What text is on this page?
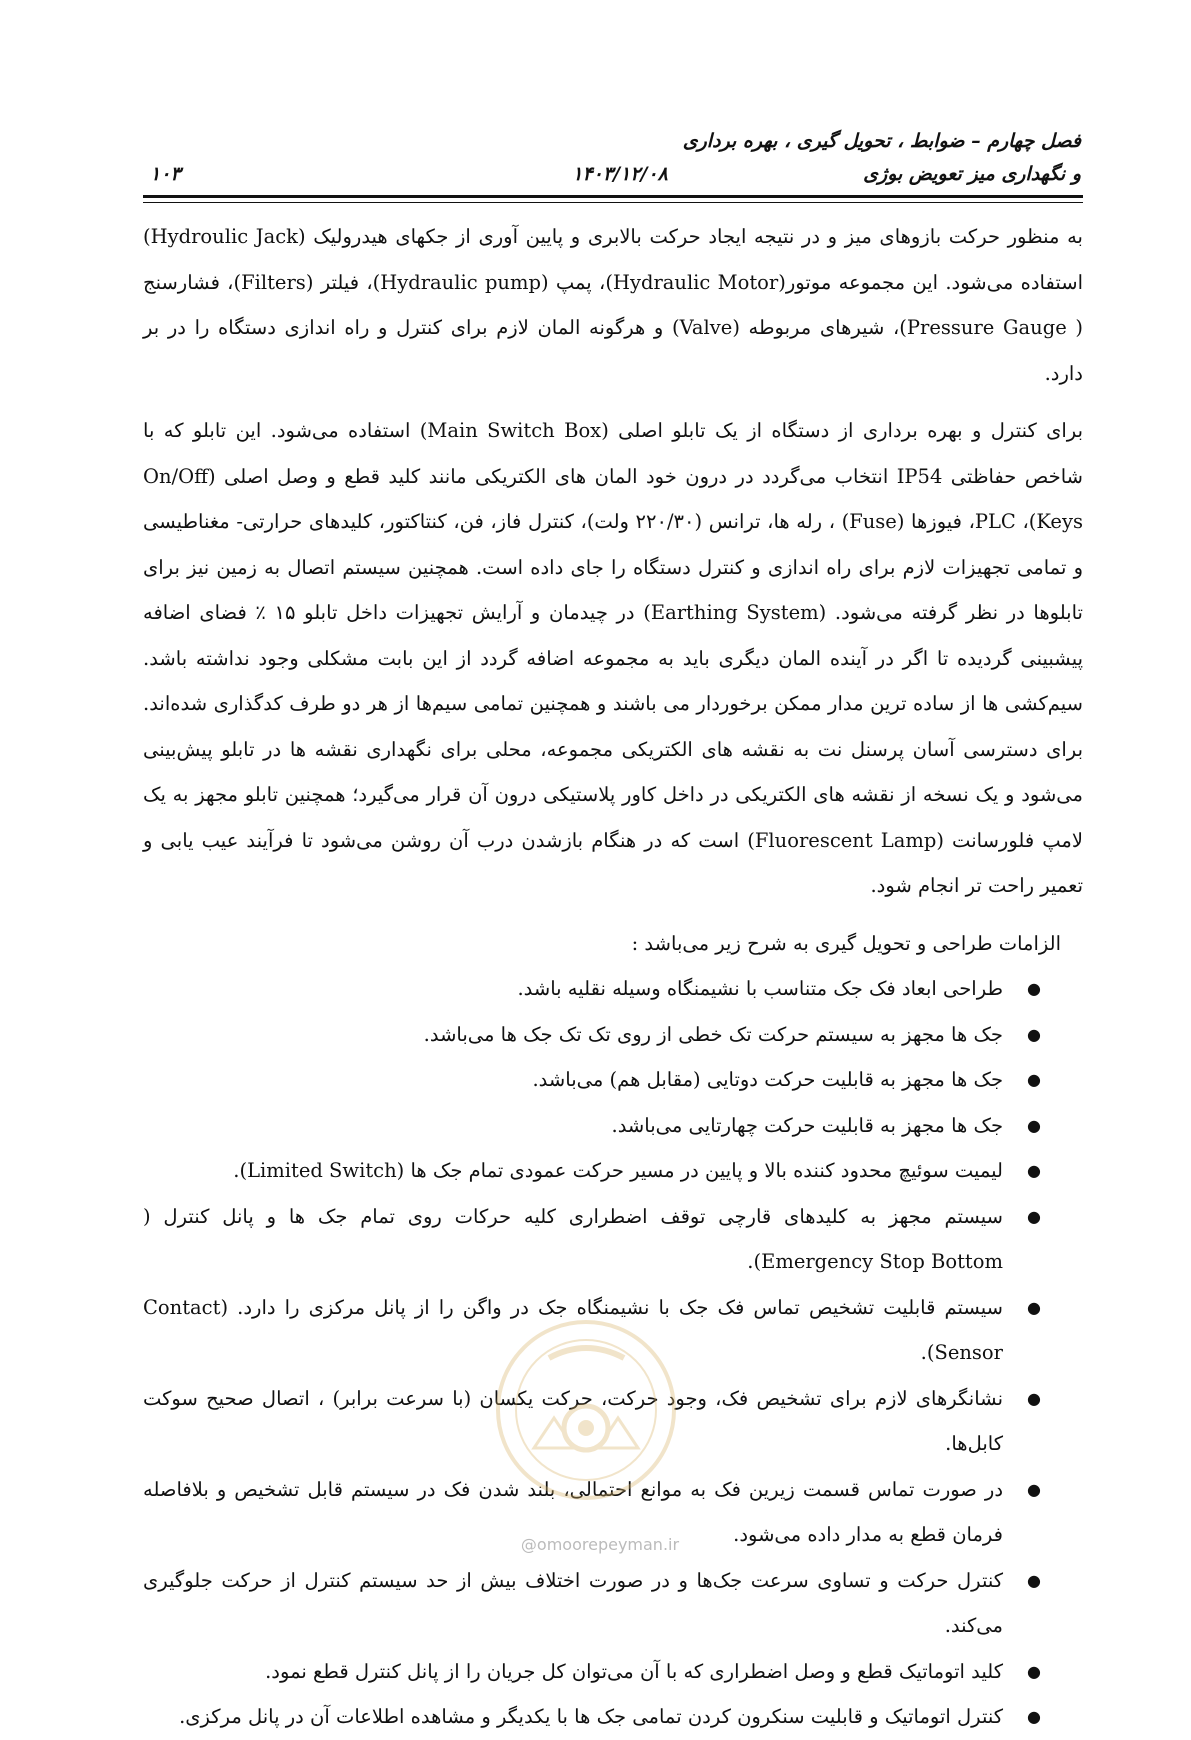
فصل چهارم – ضوابط ، تحویل گیری ، بهره برداری
و نگهداری میز تعویض بوژی
۱۴۰۳/۱۲/۰۸
۱۰۳

به منظور حرکت بازوهای میز و در نتیجه ایجاد حرکت بالابری و پایین آوری از جکهای هیدرولیک (Hydroulic Jack) استفاده می‌شود. این مجموعه موتور(Hydraulic Motor)، پمپ (Hydraulic pump)، فیلتر (Filters)، فشارسنج ( Pressure Gauge)، شیرهای مربوطه (Valve) و هرگونه المان لازم برای کنترل و راه اندازی دستگاه را در بر دارد.

برای کنترل و بهره برداری از دستگاه از یک تابلو اصلی (Main Switch Box) استفاده می‌شود. این تابلو که با شاخص حفاظتی IP54 انتخاب می‌گردد در درون خود المان های الکتریکی مانند کلید قطع و وصل اصلی (On/Off Keys)، PLC، فیوزها (Fuse) ، رله ها، ترانس (۲۲۰/۳۰ ولت)، کنترل فاز، فن، کنتاکتور، کلیدهای حرارتی- مغناطیسی و تمامی تجهیزات لازم برای راه اندازی و کنترل دستگاه را جای داده است. همچنین سیستم اتصال به زمین نیز برای تابلوها در نظر گرفته می‌شود. (Earthing System) در چیدمان و آرایش تجهیزات داخل تابلو ۱۵ ٪ فضای اضافه پیشبینی گردیده تا اگر در آینده المان دیگری باید به مجموعه اضافه گردد از این بابت مشکلی وجود نداشته باشد. سیم‌کشی ها از ساده ترین مدار ممکن برخوردار می باشند و همچنین تمامی سیم‌ها از هر دو طرف کدگذاری شده‌اند. برای دسترسی آسان پرسنل نت به نقشه های الکتریکی مجموعه، محلی برای نگهداری نقشه ها در تابلو پیش‌بینی می‌شود و یک نسخه از نقشه های الکتریکی در داخل کاور پلاستیکی درون آن قرار می‌گیرد؛ همچنین تابلو مجهز به یک لامپ فلورسانت (Fluorescent Lamp) است که در هنگام بازشدن درب آن روشن می‌شود تا فرآیند عیب یابی و تعمیر راحت تر انجام شود.

الزامات طراحی و تحویل گیری به شرح زیر می‌باشد :

●
طراحی ابعاد فک جک متناسب با نشیمنگاه وسیله نقلیه باشد.
●
جک ها مجهز به سیستم حرکت تک خطی از روی تک تک جک ها می‌باشد.
●
جک ها مجهز به قابلیت حرکت دوتایی (مقابل هم) می‌باشد.
●
جک ها مجهز به قابلیت حرکت چهارتایی می‌باشد.
●
لیمیت سوئیچ محدود کننده بالا و پایین در مسیر حرکت عمودی تمام جک ها (Limited Switch).
●
سیستم مجهز به کلیدهای قارچی توقف اضطراری کلیه حرکات روی تمام جک ها و پانل کنترل ( Emergency Stop Bottom).
●
سیستم قابلیت تشخیص تماس فک جک با نشیمنگاه جک در واگن را از پانل مرکزی را دارد. (Contact Sensor).
●
نشانگرهای لازم برای تشخیص فک، وجود حرکت، حرکت یکسان (با سرعت برابر) ، اتصال صحیح سوکت کابل‌ها.
●
در صورت تماس قسمت زیرین فک به موانع احتمالی، بلند شدن فک در سیستم قابل تشخیص و بلافاصله فرمان قطع به مدار داده می‌شود.
●
کنترل حرکت و تساوی سرعت جک‌ها و در صورت اختلاف بیش از حد سیستم کنترل از حرکت جلوگیری می‌کند.
●
کلید اتوماتیک قطع و وصل اضطراری که با آن می‌توان کل جریان را از پانل کنترل قطع نمود.
●
کنترل اتوماتیک و قابلیت سنکرون کردن تمامی جک ها با یکدیگر و مشاهده اطلاعات آن در پانل مرکزی.
@omoorepeyman.ir
